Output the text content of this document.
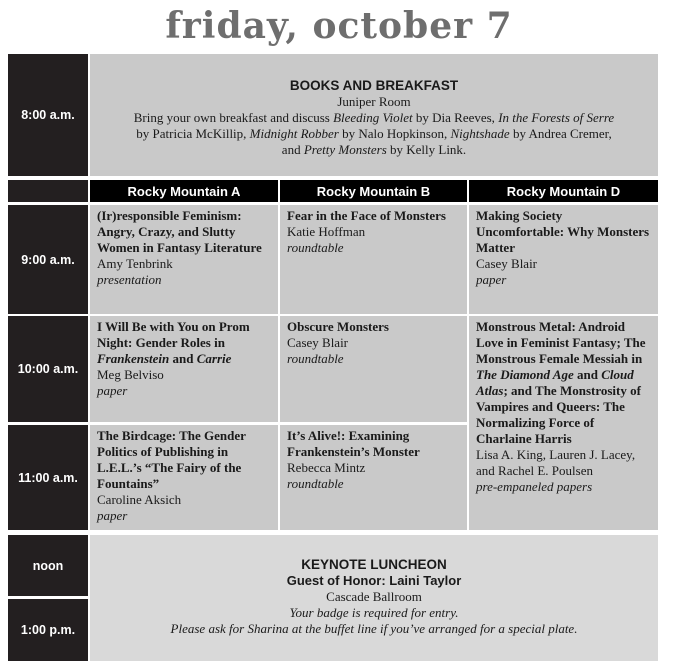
friday, october 7
8:00 a.m.
BOOKS AND BREAKFAST
Juniper Room
Bring your own breakfast and discuss Bleeding Violet by Dia Reeves, In the Forests of Serre
by Patricia McKillip, Midnight Robber by Nalo Hopkinson, Nightshade by Andrea Cremer,
and Pretty Monsters by Kelly Link.
Rocky Mountain A	Rocky Mountain B	Rocky Mountain D
9:00 a.m.
(Ir)responsible Feminism: Angry, Crazy, and Slutty Women in Fantasy Literature
Amy Tenbrink
presentation
Fear in the Face of Monsters
Katie Hoffman
roundtable
Making Society Uncomfortable: Why Monsters Matter
Casey Blair
paper
10:00 a.m.
I Will Be with You on Prom Night: Gender Roles in Frankenstein and Carrie
Meg Belviso
paper
Obscure Monsters
Casey Blair
roundtable
Monstrous Metal: Android Love in Feminist Fantasy; The Monstrous Female Messiah in The Diamond Age and Cloud Atlas; and The Monstrosity of Vampires and Queers: The Normalizing Force of Charlaine Harris
Lisa A. King, Lauren J. Lacey, and Rachel E. Poulsen
pre-empaneled papers
11:00 a.m.
The Birdcage: The Gender Politics of Publishing in L.E.L.’s “The Fairy of the Fountains”
Caroline Aksich
paper
It’s Alive!: Examining Frankenstein’s Monster
Rebecca Mintz
roundtable
noon
1:00 p.m.
KEYNOTE LUNCHEON
Guest of Honor: Laini Taylor
Cascade Ballroom
Your badge is required for entry.
Please ask for Sharina at the buffet line if you’ve arranged for a special plate.
